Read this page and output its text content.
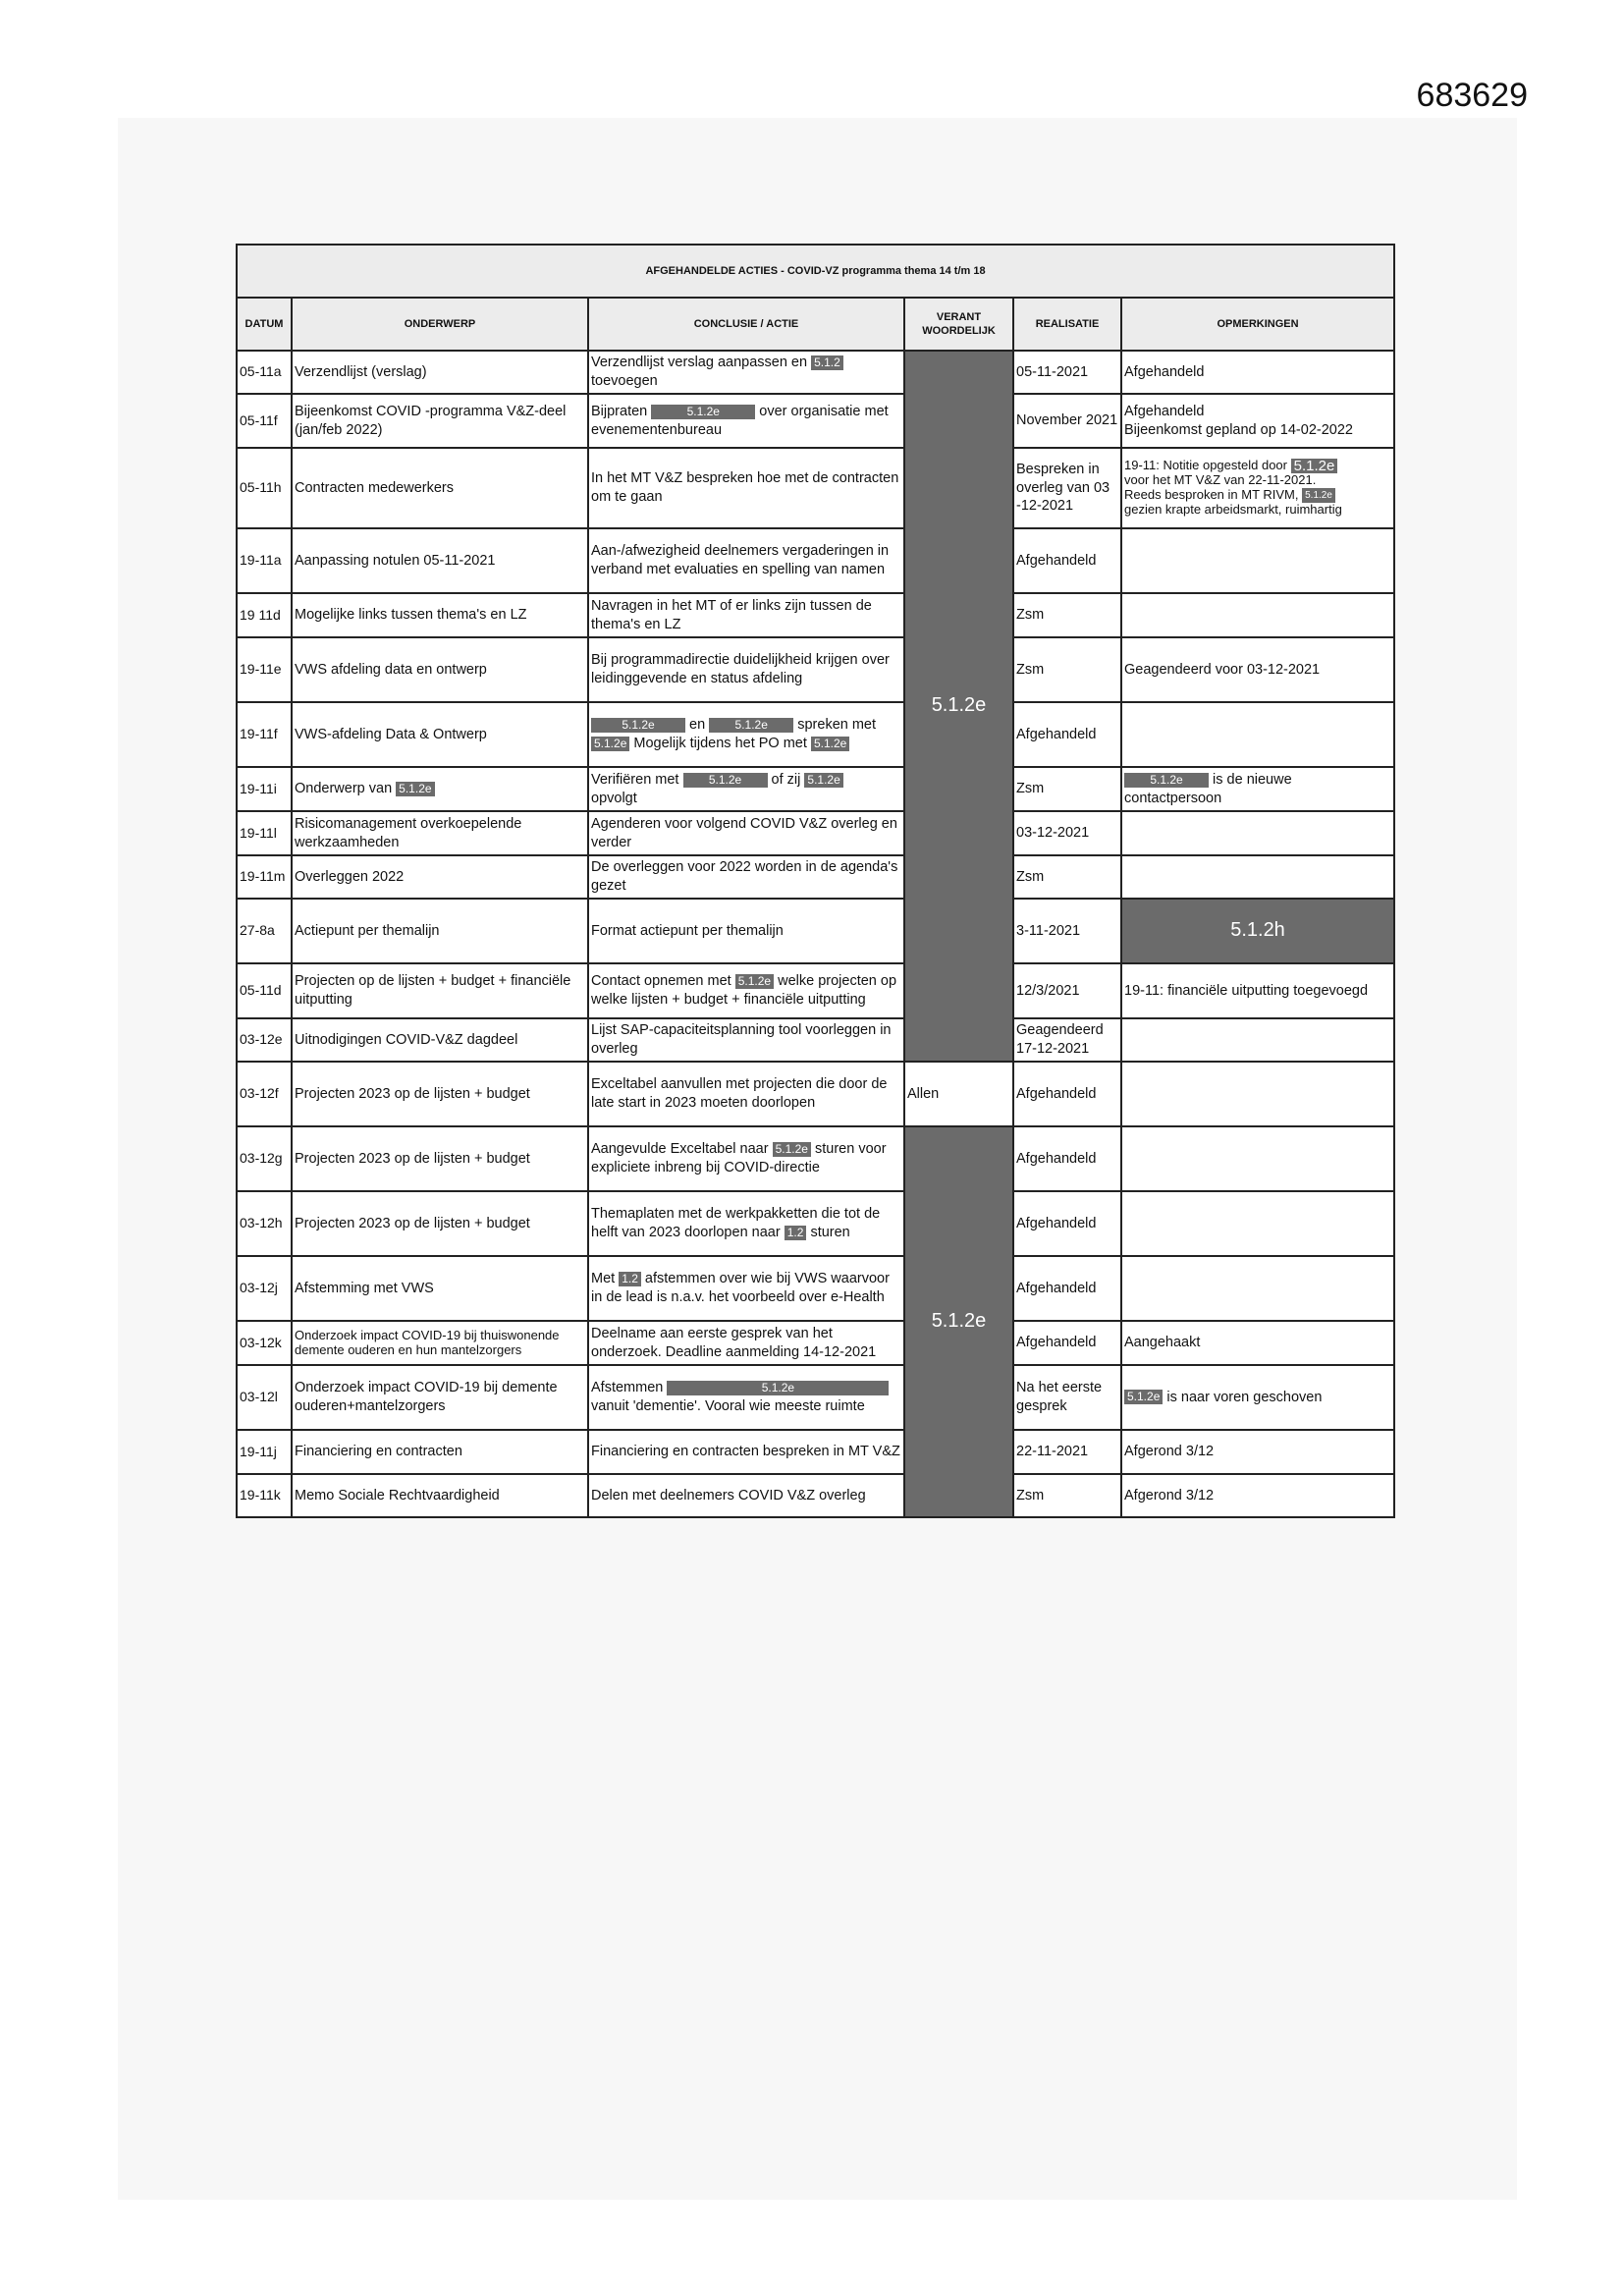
683629
AFGEHANDELDE ACTIES - COVID-VZ programma thema 14 t/m 18					
DATUM	ONDERWERP	CONCLUSIE / ACTIE	VERANT WOORDELIJK	REALISATIE	OPMERKINGEN
05-11a	Verzendlijst (verslag)	Verzendlijst verslag aanpassen en 5.1.2 toevoegen	5.1.2e	05-11-2021	Afgehandeld
05-11f	Bijeenkomst COVID -programma V&Z-deel (jan/feb 2022)	Bijpraten 5.1.2e over organisatie met evenementenbureau		November 2021	Afgehandeld
Bijeenkomst gepland op 14-02-2022

05-11h	Contracten medewerkers	In het MT V&Z bespreken hoe met de contracten om te gaan		Bespreken in overleg van 03 -12-2021	19-11: Notitie opgesteld door 5.1.2e
voor het MT V&Z van 22-11-2021.
Reeds besproken in MT RIVM, 5.1.2e
gezien krapte arbeidsmarkt, ruimhartig
19-11a	Aanpassing notulen 05-11-2021	Aan-/afwezigheid deelnemers vergaderingen in verband met evaluaties en spelling van namen		Afgehandeld	
19 11d	Mogelijke links tussen thema's en LZ	Navragen in het MT of er links zijn tussen de thema's en LZ		Zsm	
19-11e	VWS afdeling data en ontwerp	Bij programmadirectie duidelijkheid krijgen over leidinggevende en status afdeling		Zsm	Geagendeerd voor 03-12-2021
19-11f	VWS-afdeling Data & Ontwerp	5.1.2e en 5.1.2e spreken met
5.1.2e Mogelijk tijdens het PO met 5.1.2e		Afgehandeld	
19-11i	Onderwerp van 5.1.2e	Verifiëren met 5.1.2e of zij 5.1.2e
opvolgt		Zsm	5.1.2e is de nieuwe
contactpersoon
19-11l	Risicomanagement overkoepelende werkzaamheden	Agenderen voor volgend COVID V&Z overleg en verder		03-12-2021	
19-11m	Overleggen 2022	De overleggen voor 2022 worden in de agenda's gezet		Zsm	
27-8a	Actiepunt per themalijn	Format actiepunt per themalijn		3-11-2021	5.1.2h
05-11d	Projecten op de lijsten + budget + financiële uitputting	Contact opnemen met 5.1.2e welke projecten op welke lijsten + budget + financiële uitputting		12/3/2021	19-11: financiële uitputting toegevoegd
03-12e	Uitnodigingen COVID-V&Z dagdeel	Lijst SAP-capaciteitsplanning tool voorleggen in overleg		Geagendeerd 17-12-2021	
03-12f	Projecten 2023 op de lijsten + budget	Exceltabel aanvullen met projecten die door de late start in 2023 moeten doorlopen	Allen	Afgehandeld	
03-12g	Projecten 2023 op de lijsten + budget	Aangevulde Exceltabel naar 5.1.2e sturen voor expliciete inbreng bij COVID-directie	5.1.2e	Afgehandeld	
03-12h	Projecten 2023 op de lijsten + budget	Themaplaten met de werkpakketten die tot de helft van 2023 doorlopen naar 1.2 sturen		Afgehandeld	
03-12j	Afstemming met VWS	Met 1.2 afstemmen over wie bij VWS waarvoor in de lead is n.a.v. het voorbeeld over e-Health		Afgehandeld	
03-12k	Onderzoek impact COVID-19 bij thuiswonende demente ouderen en hun mantelzorgers	Deelname aan eerste gesprek van het onderzoek. Deadline aanmelding 14-12-2021		Afgehandeld	Aangehaakt
03-12l	Onderzoek impact COVID-19 bij demente ouderen+mantelzorgers	Afstemmen 5.1.2e
vanuit 'dementie'. Vooral wie meeste ruimte		Na het eerste gesprek	5.1.2e is naar voren geschoven
19-11j	Financiering en contracten	Financiering en contracten bespreken in MT V&Z		22-11-2021	Afgerond 3/12
19-11k	Memo Sociale Rechtvaardigheid	Delen met deelnemers COVID V&Z overleg		Zsm	Afgerond 3/12
